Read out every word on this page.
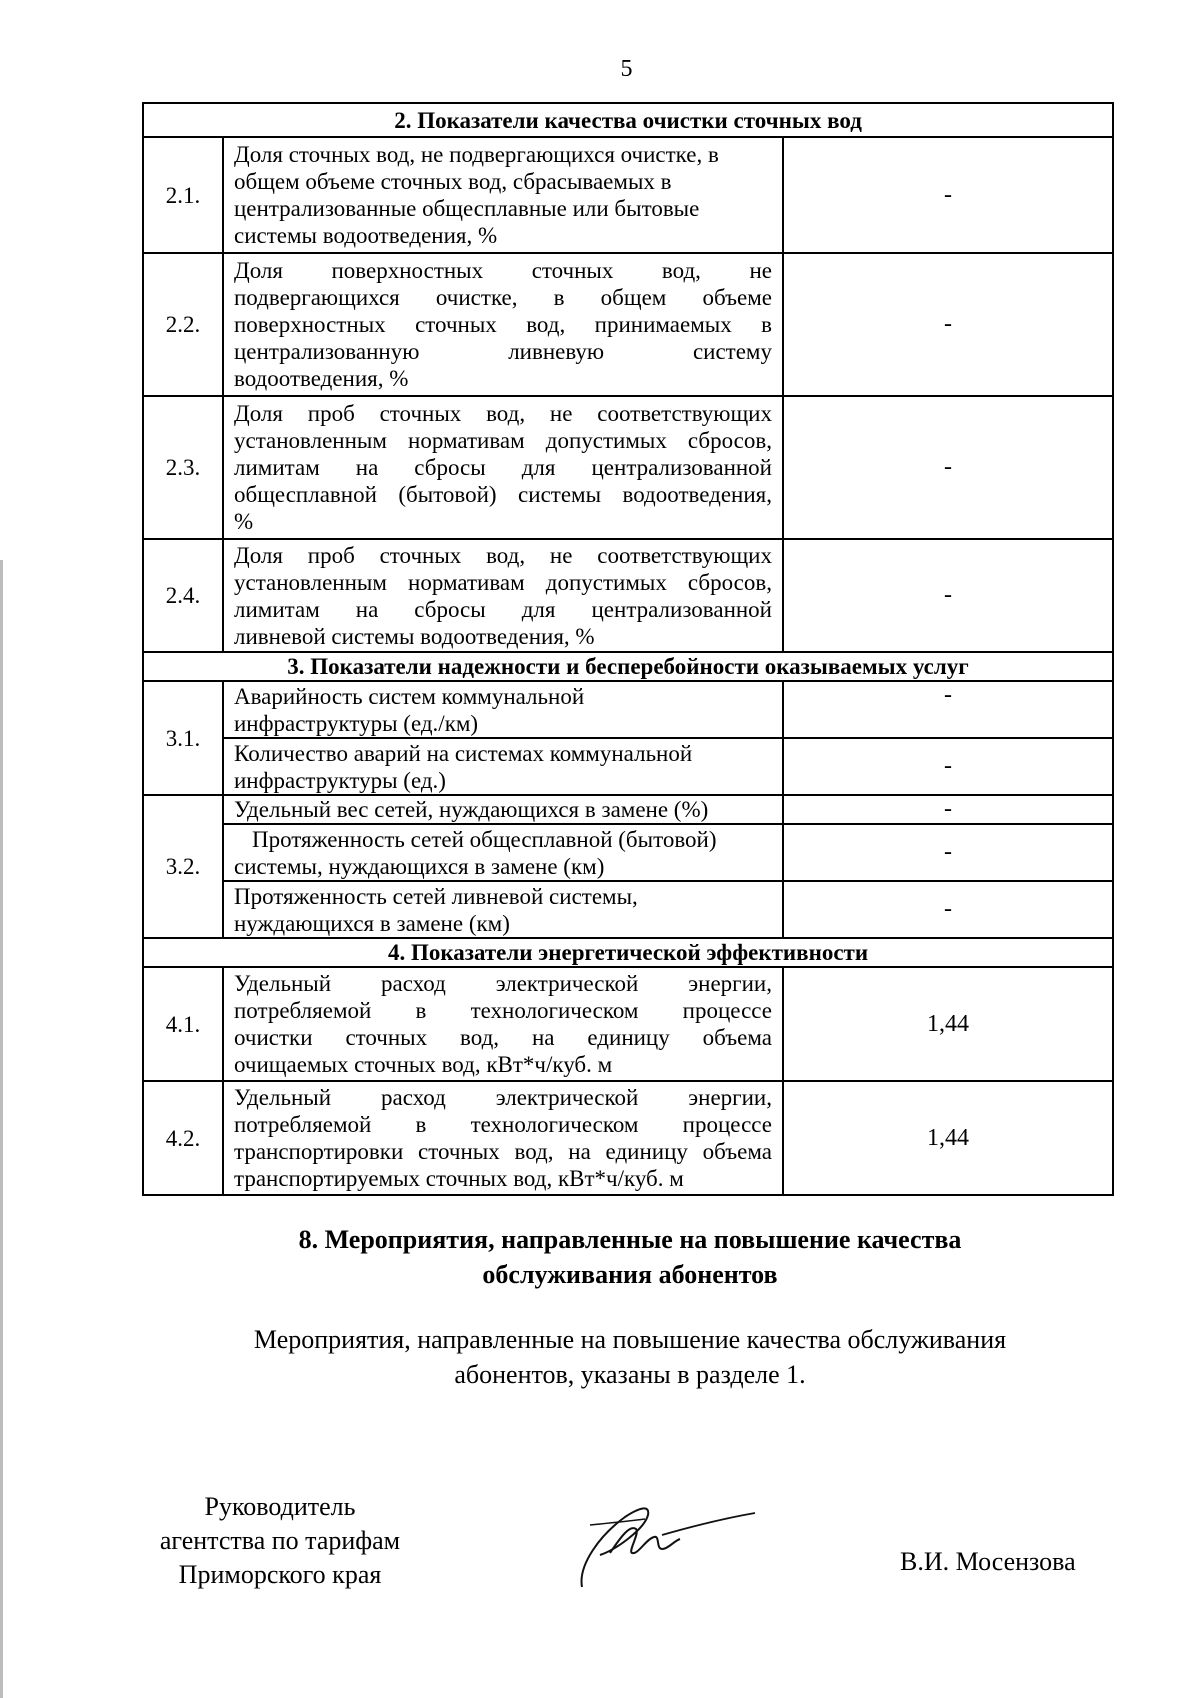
5
2. Показатели качества очистки сточных вод		
2.1.	Доля сточных вод, не подвергающихся очистке, в
общем объеме сточных вод, сбрасываемых в
централизованные общесплавные или бытовые
системы водоотведения, %	-
2.2.	Доля поверхностных сточных вод, не
подвергающихся очистке, в общем объеме
поверхностных сточных вод, принимаемых в
централизованную ливневую систему
водоотведения, %	-
2.3.	Доля проб сточных вод, не соответствующих
установленным нормативам допустимых сбросов,
лимитам на сбросы для централизованной
общесплавной (бытовой) системы водоотведения,
%	-
2.4.	Доля проб сточных вод, не соответствующих
установленным нормативам допустимых сбросов,
лимитам на сбросы для централизованной
ливневой системы водоотведения, %	-
3. Показатели надежности и бесперебойности оказываемых услуг		
3.1.	Аварийность систем коммунальной
инфраструктуры (ед./км)	-

	Количество аварий на системах коммунальной
инфраструктуры (ед.)	-
3.2.	Удельный вес сетей, нуждающихся в замене (%)	-

	Протяженность сетей общесплавной (бытовой)
системы, нуждающихся в замене (км)	-

	Протяженность сетей ливневой системы,
нуждающихся в замене (км)	-
4. Показатели энергетической эффективности		
4.1.	Удельный расход электрической энергии,
потребляемой в технологическом процессе
очистки сточных вод, на единицу объема
очищаемых сточных вод, кВт*ч/куб. м	1,44
4.2.	Удельный расход электрической энергии,
потребляемой в технологическом процессе
транспортировки сточных вод, на единицу объема
транспортируемых сточных вод, кВт*ч/куб. м	1,44
8. Мероприятия, направленные на повышение качества
обслуживания абонентов

Мероприятия, направленные на повышение качества обслуживания
абонентов, указаны в разделе 1.

Руководитель
агентства по тарифам
Приморского края	В.И. Мосензова
